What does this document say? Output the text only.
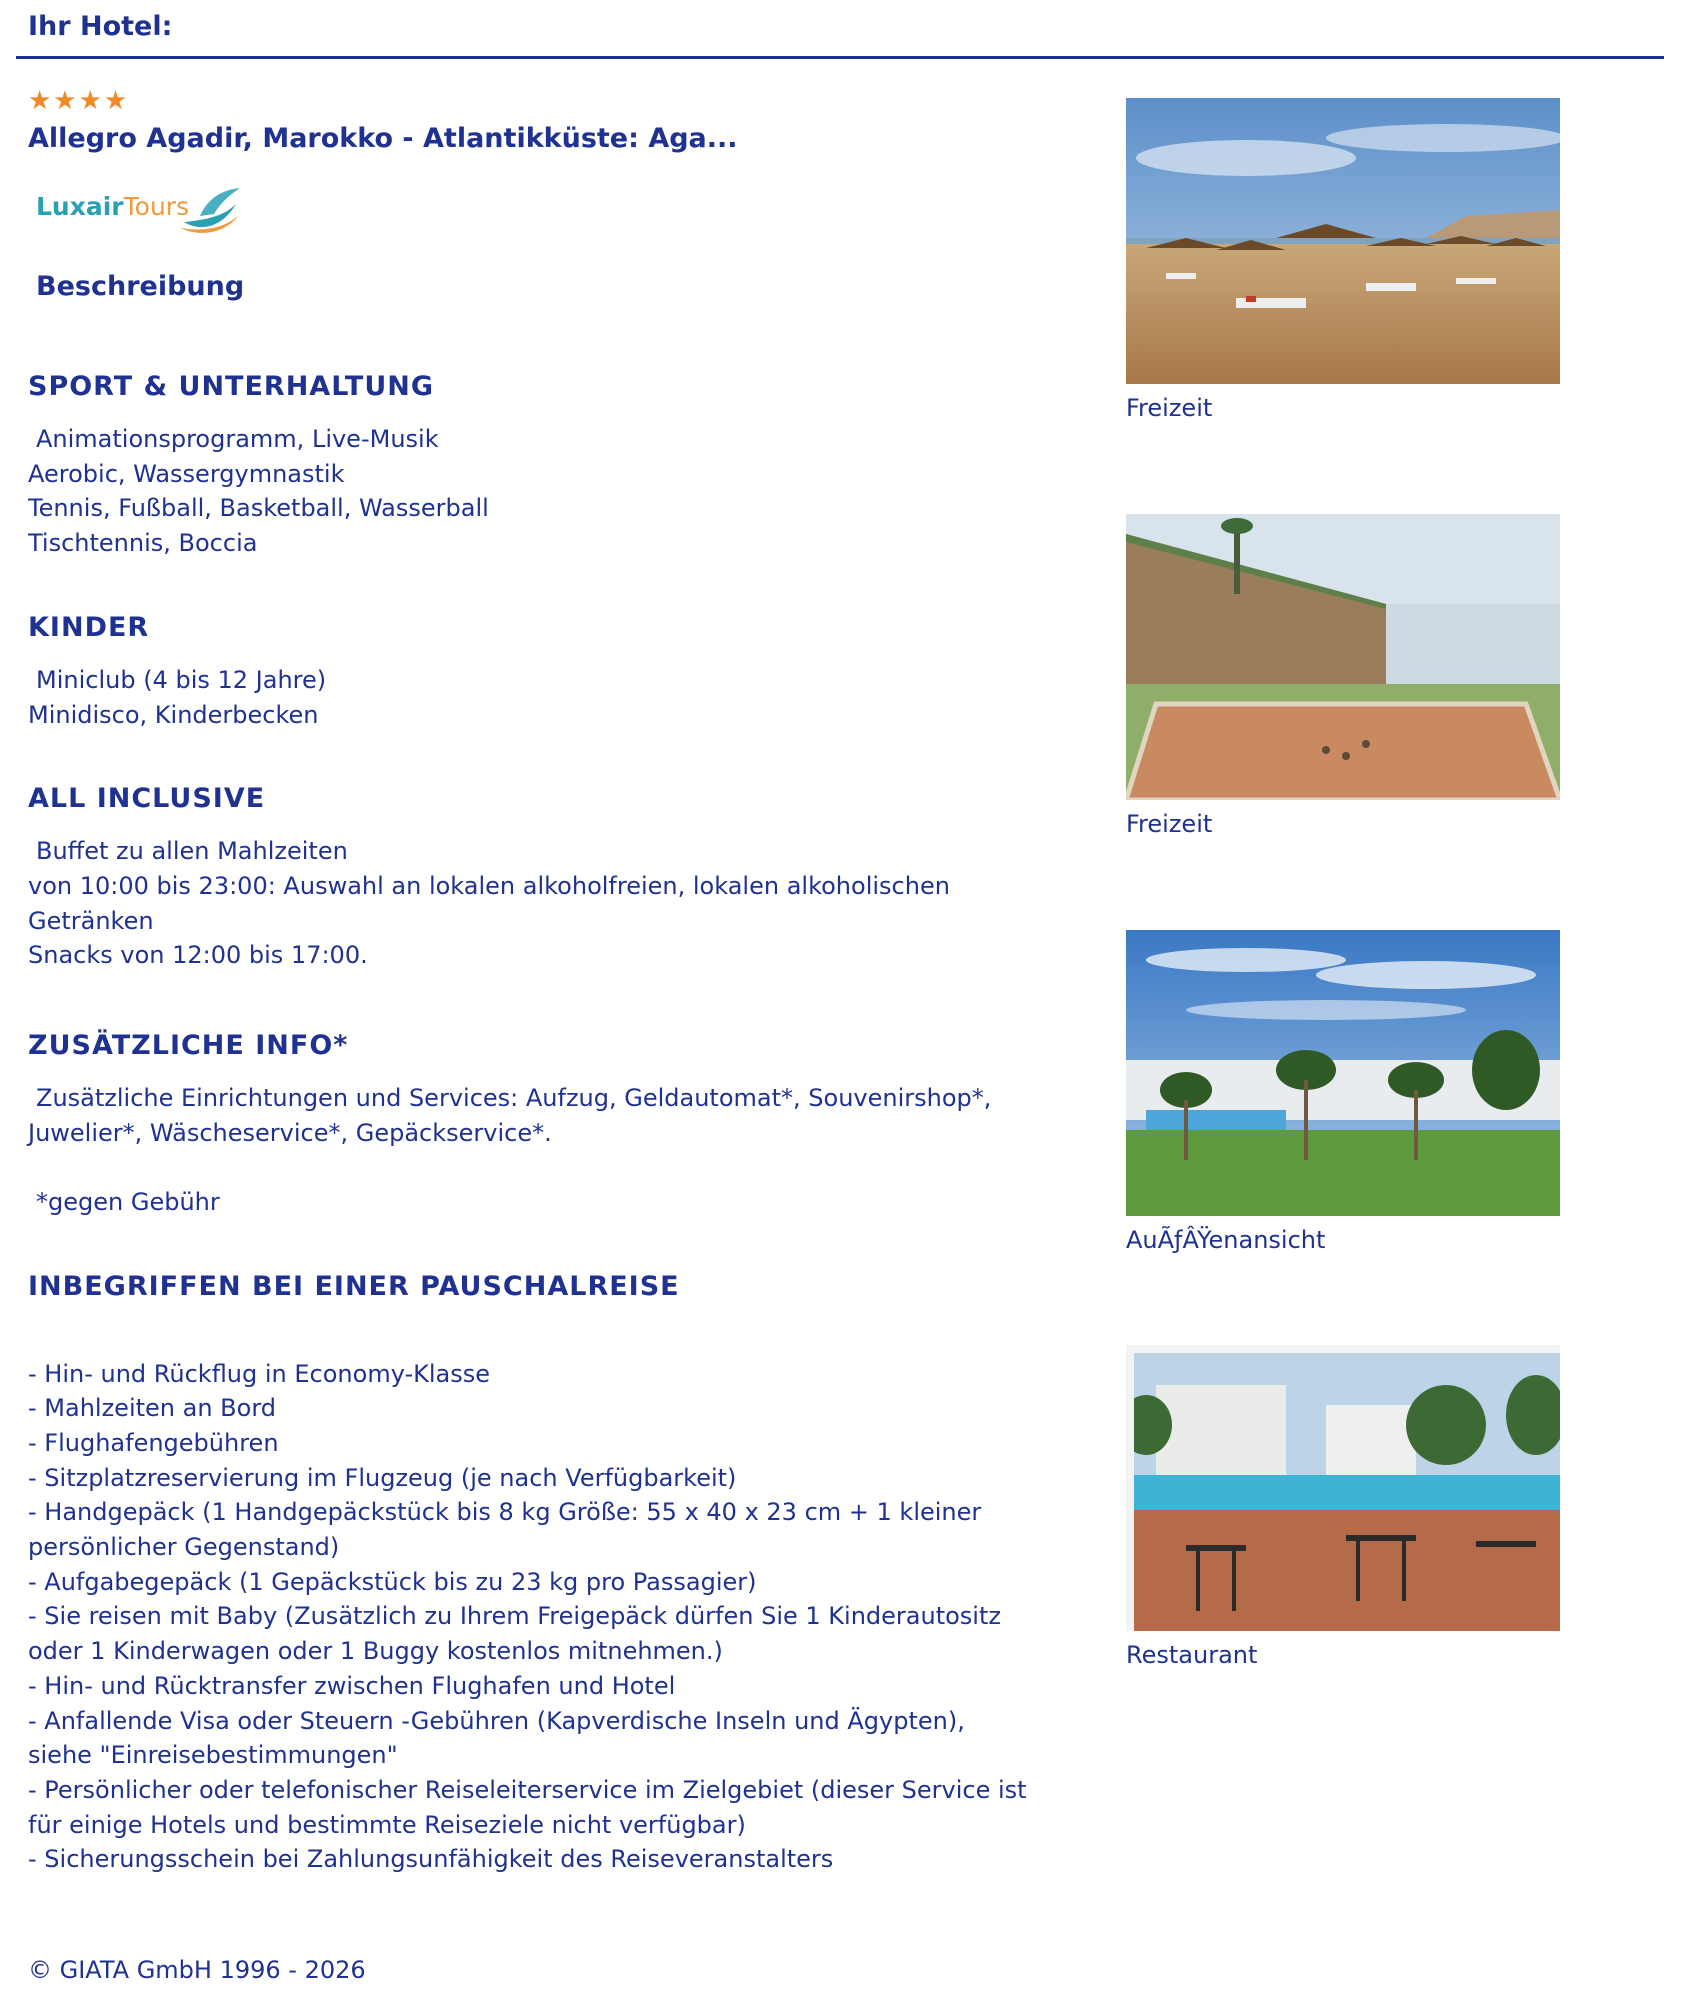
Ihr Hotel:
★★★★
Allegro Agadir, Marokko - Atlantikküste: Aga...
LuxairTours
Beschreibung
SPORT & UNTERHALTUNG
Animationsprogramm, Live-Musik
Aerobic, Wassergymnastik
Tennis, Fußball, Basketball, Wasserball
Tischtennis, Boccia
KINDER
Miniclub (4 bis 12 Jahre)
Minidisco, Kinderbecken
ALL INCLUSIVE
Buffet zu allen Mahlzeiten
von 10:00 bis 23:00: Auswahl an lokalen alkoholfreien, lokalen alkoholischen
Getränken
Snacks von 12:00 bis 17:00.
ZUSÄTZLICHE INFO*
Zusätzliche Einrichtungen und Services: Aufzug, Geldautomat*, Souvenirshop*,
Juwelier*, Wäscheservice*, Gepäckservice*.
*gegen Gebühr
INBEGRIFFEN BEI EINER PAUSCHALREISE
- Hin- und Rückflug in Economy-Klasse
- Mahlzeiten an Bord
- Flughafengebühren
- Sitzplatzreservierung im Flugzeug (je nach Verfügbarkeit)
- Handgepäck (1 Handgepäckstück bis 8 kg Größe: 55 x 40 x 23 cm + 1 kleiner
persönlicher Gegenstand)
- Aufgabegepäck (1 Gepäckstück bis zu 23 kg pro Passagier)
- Sie reisen mit Baby (Zusätzlich zu Ihrem Freigepäck dürfen Sie 1 Kinderautositz
oder 1 Kinderwagen oder 1 Buggy kostenlos mitnehmen.)
- Hin- und Rücktransfer zwischen Flughafen und Hotel
- Anfallende Visa oder Steuern -Gebühren (Kapverdische Inseln und Ägypten),
siehe "Einreisebestimmungen"
- Persönlicher oder telefonischer Reiseleiterservice im Zielgebiet (dieser Service ist
für einige Hotels und bestimmte Reiseziele nicht verfügbar)
- Sicherungsschein bei Zahlungsunfähigkeit des Reiseveranstalters
© GIATA GmbH 1996 - 2026
Freizeit
Freizeit
AuÃƒÂŸenansicht
Restaurant
